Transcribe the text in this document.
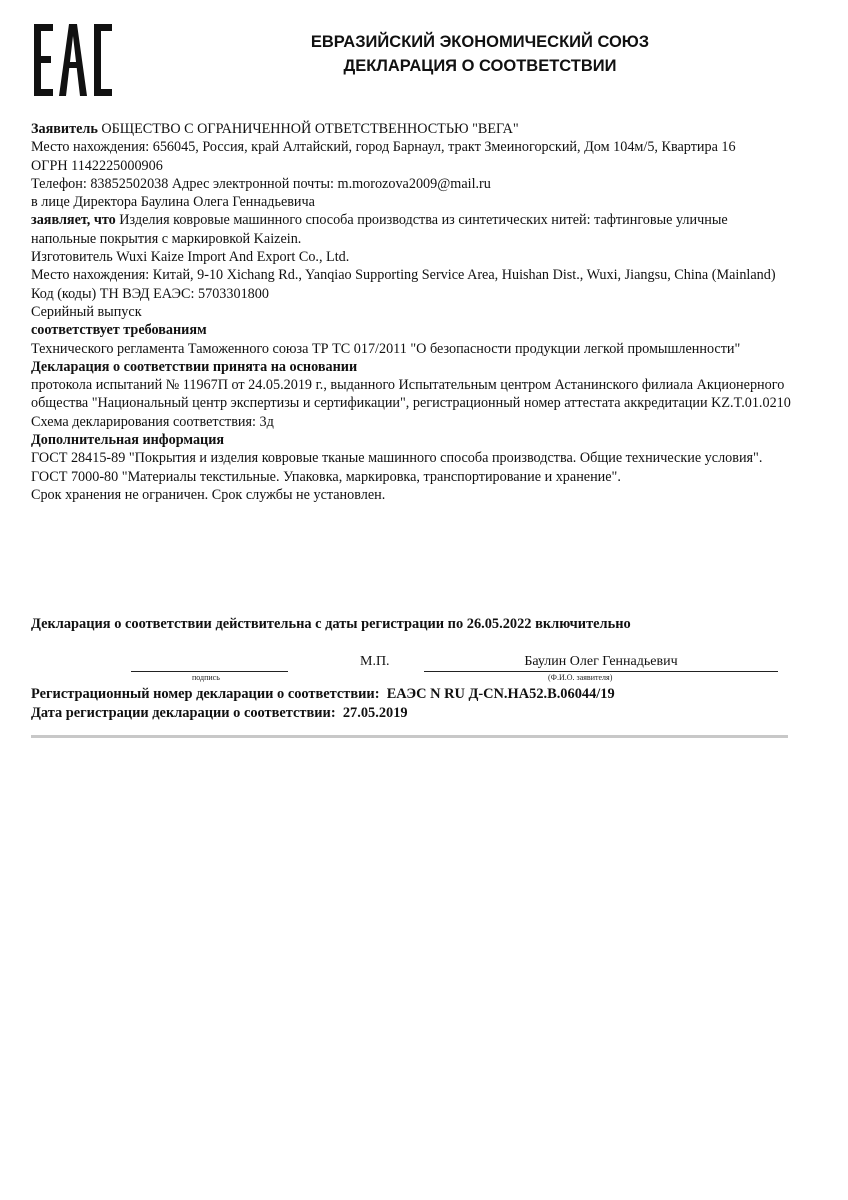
ЕВРАЗИЙСКИЙ ЭКОНОМИЧЕСКИЙ СОЮЗ
ДЕКЛАРАЦИЯ О СООТВЕТСТВИИ

Заявитель ОБЩЕСТВО С ОГРАНИЧЕННОЙ ОТВЕТСТВЕННОСТЬЮ "ВЕГА"

Место нахождения: 656045, Россия, край Алтайский, город Барнаул, тракт Змеиногорский, Дом 104м/5, Квартира 16

ОГРН 1142225000906

Телефон: 83852502038 Адрес электронной почты: m.morozova2009@mail.ru

в лице Директора Баулина Олега Геннадьевича

заявляет, что Изделия ковровые машинного способа производства из синтетических нитей: тафтинговые уличные напольные покрытия с маркировкой Kaizein.

Изготовитель Wuxi Kaize Import And Export Co., Ltd.

Место нахождения: Китай, 9-10 Xichang Rd., Yanqiao Supporting Service Area, Huishan Dist., Wuxi, Jiangsu, China (Mainland)

Код (коды) ТН ВЭД ЕАЭС: 5703301800

Серийный выпуск

соответствует требованиям

Технического регламента Таможенного союза ТР ТС 017/2011 "О безопасности продукции легкой промышленности"

Декларация о соответствии принята на основании

протокола испытаний № 11967П от 24.05.2019 г., выданного Испытательным центром Астанинского филиала Акционерного общества "Национальный центр экспертизы и сертификации", регистрационный номер аттестата аккредитации KZ.T.01.0210

Схема декларирования соответствия: 3д

Дополнительная информация

ГОСТ 28415-89 "Покрытия и изделия ковровые тканые машинного способа производства. Общие технические условия". ГОСТ 7000-80 "Материалы текстильные. Упаковка, маркировка, транспортирование и хранение".

Срок хранения не ограничен. Срок службы не установлен.

Декларация о соответствии действительна с даты регистрации по 26.05.2022 включительно
подпись
М.П.	Баулин Олег Геннадьевич
(Ф.И.О. заявителя)
Регистрационный номер декларации о соответствии: ЕАЭС N RU Д-CN.НА52.В.06044/19
Дата регистрации декларации о соответствии: 27.05.2019
